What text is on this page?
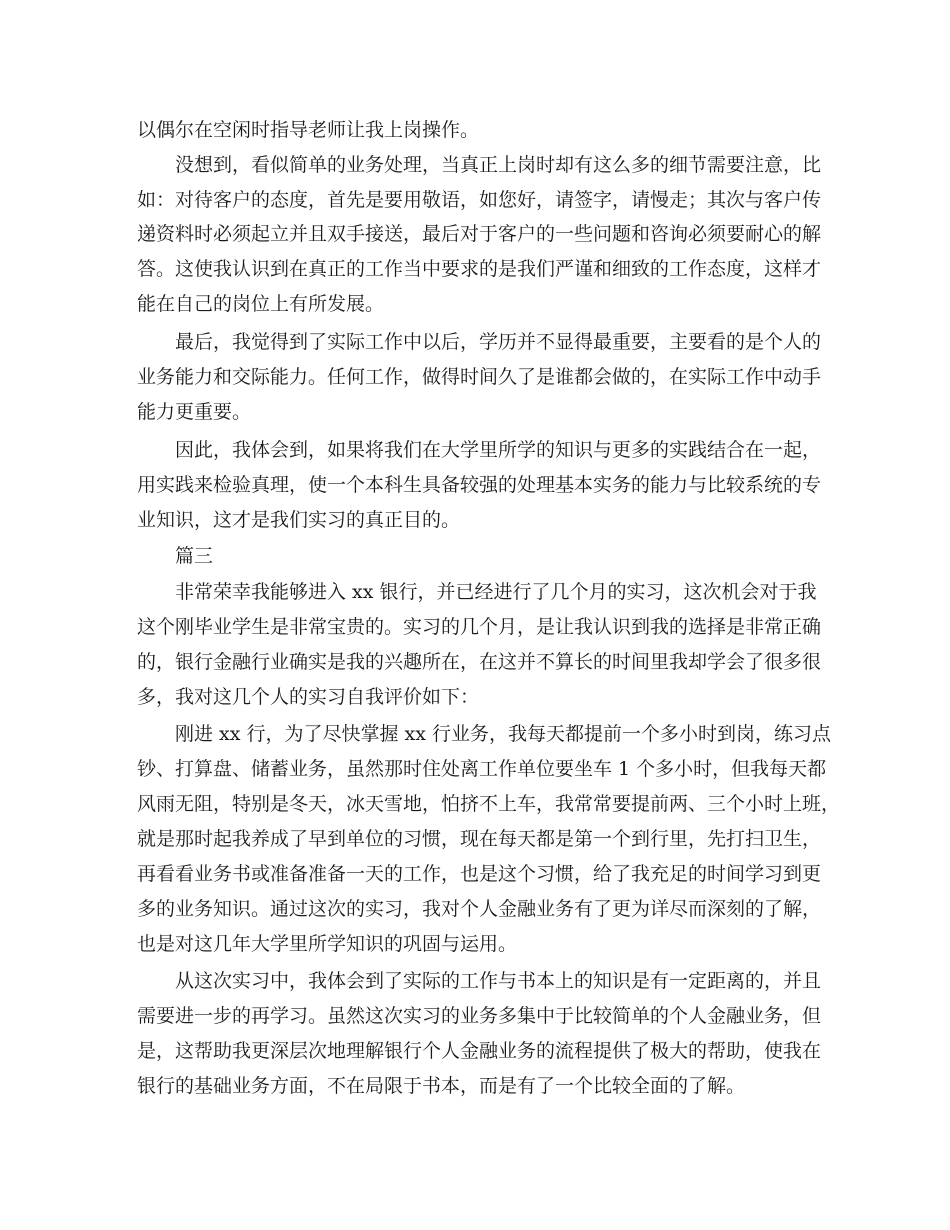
以偶尔在空闲时指导老师让我上岗操作。

没想到，看似简单的业务处理，当真正上岗时却有这么多的细节需要注意，比

如：对待客户的态度，首先是要用敬语，如您好，请签字，请慢走；其次与客户传

递资料时必须起立并且双手接送，最后对于客户的一些问题和咨询必须要耐心的解

答。这使我认识到在真正的工作当中要求的是我们严谨和细致的工作态度，这样才

能在自己的岗位上有所发展。

最后，我觉得到了实际工作中以后，学历并不显得最重要，主要看的是个人的

业务能力和交际能力。任何工作，做得时间久了是谁都会做的，在实际工作中动手

能力更重要。

因此，我体会到，如果将我们在大学里所学的知识与更多的实践结合在一起，

用实践来检验真理，使一个本科生具备较强的处理基本实务的能力与比较系统的专

业知识，这才是我们实习的真正目的。

篇三

非常荣幸我能够进入 xx 银行，并已经进行了几个月的实习，这次机会对于我

这个刚毕业学生是非常宝贵的。实习的几个月，是让我认识到我的选择是非常正确

的，银行金融行业确实是我的兴趣所在，在这并不算长的时间里我却学会了很多很

多，我对这几个人的实习自我评价如下：

刚进 xx 行，为了尽快掌握 xx 行业务，我每天都提前一个多小时到岗，练习点

钞、打算盘、储蓄业务，虽然那时住处离工作单位要坐车 1 个多小时，但我每天都

风雨无阻，特别是冬天，冰天雪地，怕挤不上车，我常常要提前两、三个小时上班，

就是那时起我养成了早到单位的习惯，现在每天都是第一个到行里，先打扫卫生，

再看看业务书或准备准备一天的工作，也是这个习惯，给了我充足的时间学习到更

多的业务知识。通过这次的实习，我对个人金融业务有了更为详尽而深刻的了解，

也是对这几年大学里所学知识的巩固与运用。

从这次实习中，我体会到了实际的工作与书本上的知识是有一定距离的，并且

需要进一步的再学习。虽然这次实习的业务多集中于比较简单的个人金融业务，但

是，这帮助我更深层次地理解银行个人金融业务的流程提供了极大的帮助，使我在

银行的基础业务方面，不在局限于书本，而是有了一个比较全面的了解。
